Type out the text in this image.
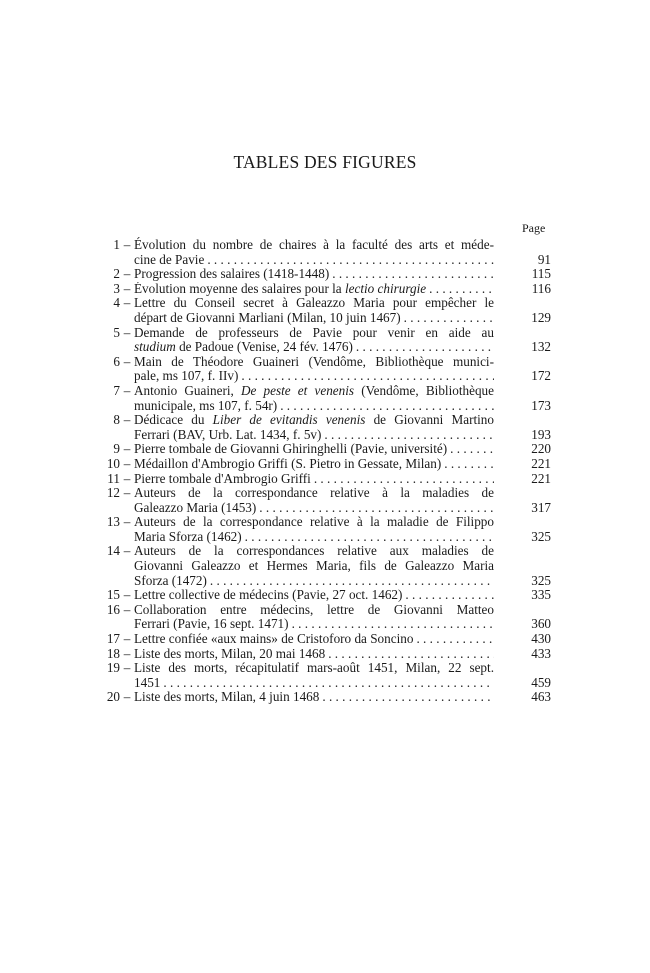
TABLES DES FIGURES
Page
1 – Évolution du nombre de chaires à la faculté des arts et méde-
cine de Pavie . . .	91
2 – Progression des salaires (1418-1448) . . .	115
3 – Évolution moyenne des salaires pour la lectio chirurgie . . .	116
4 – Lettre du Conseil secret à Galeazzo Maria pour empêcher le
départ de Giovanni Marliani (Milan, 10 juin 1467) . . .	129
5 – Demande de professeurs de Pavie pour venir en aide au
studium de Padoue (Venise, 24 fév. 1476) . . .	132
6 – Main de Théodore Guaineri (Vendôme, Bibliothèque munici-
pale, ms 107, f. IIv) . . .	172
7 – Antonio Guaineri, De peste et venenis (Vendôme, Bibliothèque
municipale, ms 107, f. 54r) . . .	173
8 – Dédicace du Liber de evitandis venenis de Giovanni Martino
Ferrari (BAV, Urb. Lat. 1434, f. 5v) . . .	193
9 – Pierre tombale de Giovanni Ghiringhelli (Pavie, université) . . .	220
10 – Médaillon d'Ambrogio Griffi (S. Pietro in Gessate, Milan) . . .	221
11 – Pierre tombale d'Ambrogio Griffi . . .	221
12 – Auteurs de la correspondance relative à la maladies de
Galeazzo Maria (1453) . . .	317
13 – Auteurs de la correspondance relative à la maladie de Filippo
Maria Sforza (1462) . . .	325
14 – Auteurs de la correspondances relative aux maladies de
Giovanni Galeazzo et Hermes Maria, fils de Galeazzo Maria
Sforza (1472) . . .	325
15 – Lettre collective de médecins (Pavie, 27 oct. 1462) . . .	335
16 – Collaboration entre médecins, lettre de Giovanni Matteo
Ferrari (Pavie, 16 sept. 1471) . . .	360
17 – Lettre confiée «aux mains» de Cristoforo da Soncino . . .	430
18 – Liste des morts, Milan, 20 mai 1468 . . .	433
19 – Liste des morts, récapitulatif mars-août 1451, Milan, 22 sept.
1451 . . .	459
20 – Liste des morts, Milan, 4 juin 1468 . . .	463
